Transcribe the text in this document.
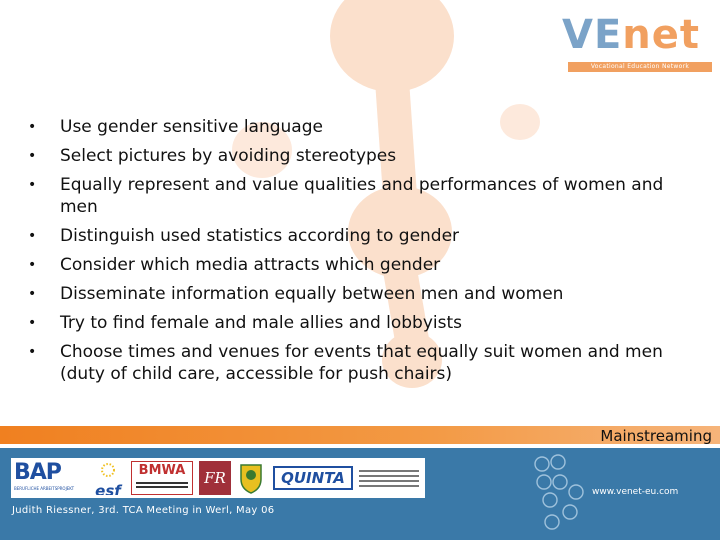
VEnet
Vocational Education Network
• Use gender sensitive language
• Select pictures by avoiding stereotypes
• Equally represent and value qualities and performances of women and men
• Distinguish used statistics according to gender
• Consider which media attracts which gender
• Disseminate information equally between men and women
• Try to find female and male allies and lobbyists
• Choose times and venues for events that equally suit women and men (duty of child care, accessible for push chairs)
Mainstreaming
BAP
BERUFLICHE ARBEITSPROJEKT	esf
BMWA	FR	QUINTA
www.venet-eu.com
Judith Riessner, 3rd. TCA Meeting in Werl, May 06
